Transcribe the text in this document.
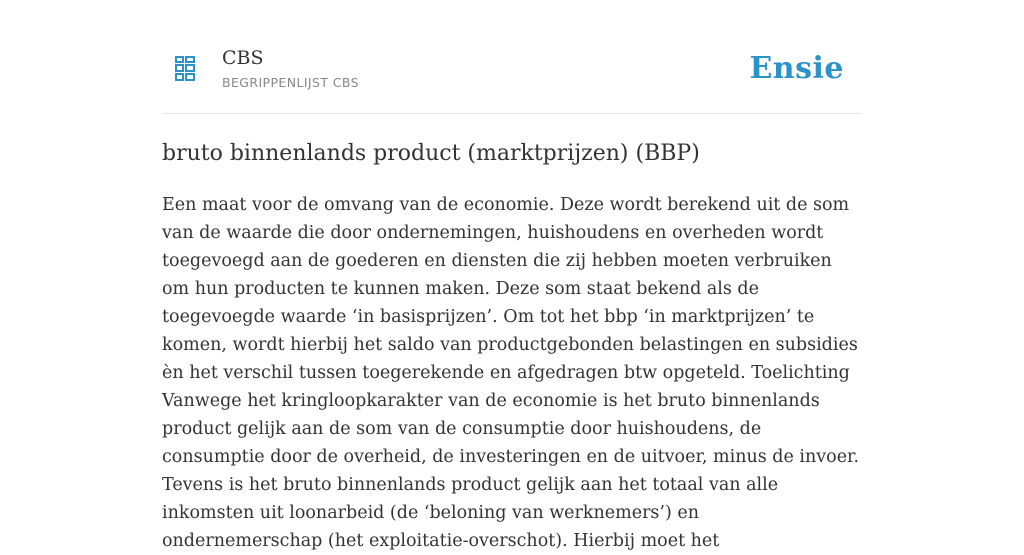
CBS
BEGRIPPENLIJST CBS	Ensie
bruto binnenlands product (marktprijzen) (BBP)

Een maat voor de omvang van de economie. Deze wordt berekend uit de som van de waarde die door ondernemingen, huishoudens en overheden wordt toegevoegd aan de goederen en diensten die zij hebben moeten verbruiken om hun producten te kunnen maken. Deze som staat bekend als de toegevoegde waarde ‘in basisprijzen’. Om tot het bbp ‘in marktprijzen’ te komen, wordt hierbij het saldo van productgebonden belastingen en subsidies èn het verschil tussen toegerekende en afgedragen btw opgeteld. Toelichting Vanwege het kringloopkarakter van de economie is het bruto binnenlands product gelijk aan de som van de consumptie door huishoudens, de consumptie door de overheid, de investeringen en de uitvoer, minus de invoer. Tevens is het bruto binnenlands product gelijk aan het totaal van alle inkomsten uit loonarbeid (de ‘beloning van werknemers’) en ondernemerschap (het exploitatie-overschot). Hierbij moet het
